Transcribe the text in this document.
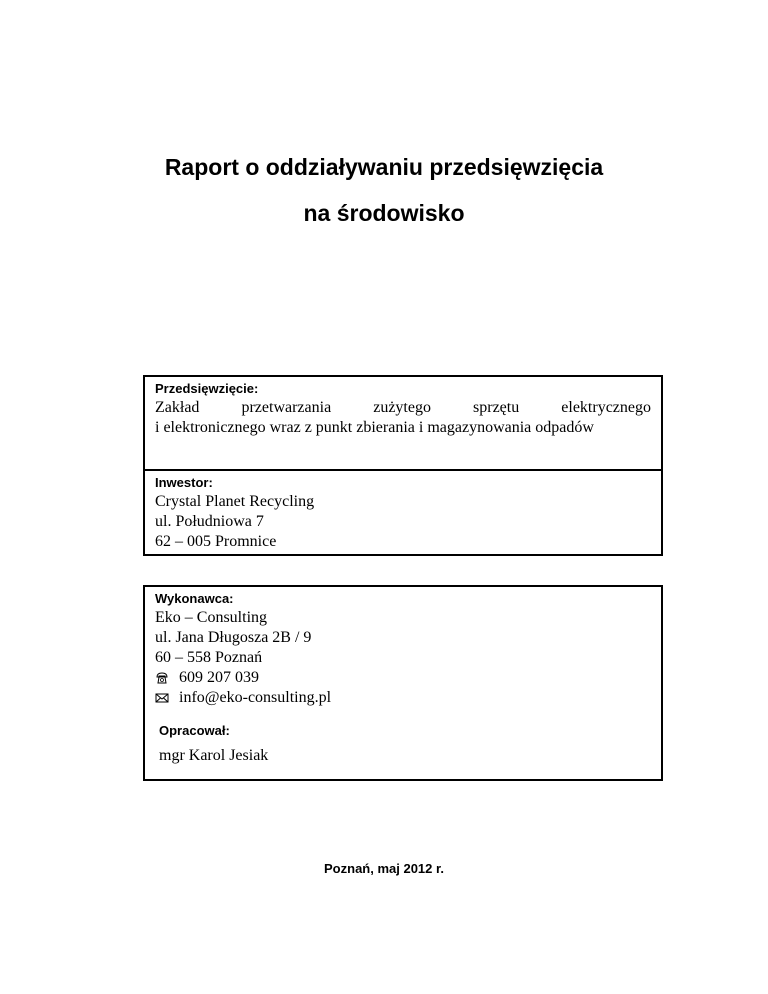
Raport o oddziaływaniu przedsięwzięcia
na środowisko
Przedsięwzięcie:
Zakład przetwarzania zużytego sprzętu elektrycznego
i elektronicznego wraz z punkt zbierania i magazynowania odpadów
Inwestor:
Crystal Planet Recycling
ul. Południowa 7
62 – 005 Promnice
Wykonawca:
Eko – Consulting
ul. Jana Długosza 2B / 9
60 – 558 Poznań
609 207 039
info@eko-consulting.pl
Opracował:
mgr Karol Jesiak
Poznań, maj 2012 r.
